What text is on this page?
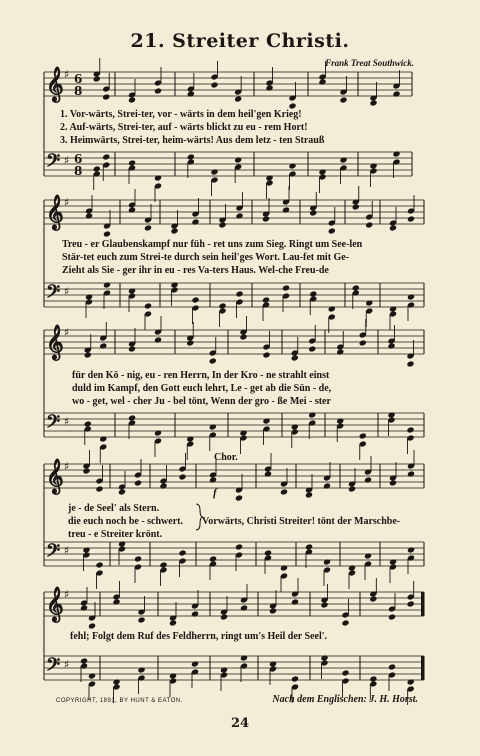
21. Streiter Christi.
Frank Treat Southwick.
𝄞
𝄢
♯
♯
6
8
6
8
𝄞
𝄢
♯
♯
𝄞
𝄢
♯
♯
𝄞
𝄢
♯
♯
𝄞
𝄢
♯
♯
1. Vor-wärts, Strei-ter, vor - wärts in dem heil'gen Krieg!
2. Auf-wärts, Strei-ter, auf - wärts blickt zu eu - rem Hort!
3. Heimwärts, Strei-ter, heim-wärts! Aus dem letz - ten Strauß
Treu - er Glaubenskampf nur füh - ret uns zum Sieg. Ringt um See-len
Stär-tet euch zum Strei-te durch sein heil'ges Wort. Lau-fet mit Ge-
Zieht als Sie - ger ihr in eu - res Va-ters Haus. Wel-che Freu-de
für den Kö - nig, eu - ren Herrn, In der Kro - ne strahlt einst
duld im Kampf, den Gott euch lehrt, Le - get ab die Sün - de,
wo - get, wel - cher Ju - bel tönt, Wenn der gro - ße Mei - ster
Chor.
f
je - de Seel' als Stern.
die euch noch be - schwert.
treu - e Streiter krönt.
Vorwärts, Christi Streiter! tönt der Marschbe-
fehl; Folgt dem Ruf des Feldherrn, ringt um's Heil der Seel'.
COPYRIGHT, 1891, BY HUNT & EATON.	Nach dem Englischen: J. H. Horst.
24
